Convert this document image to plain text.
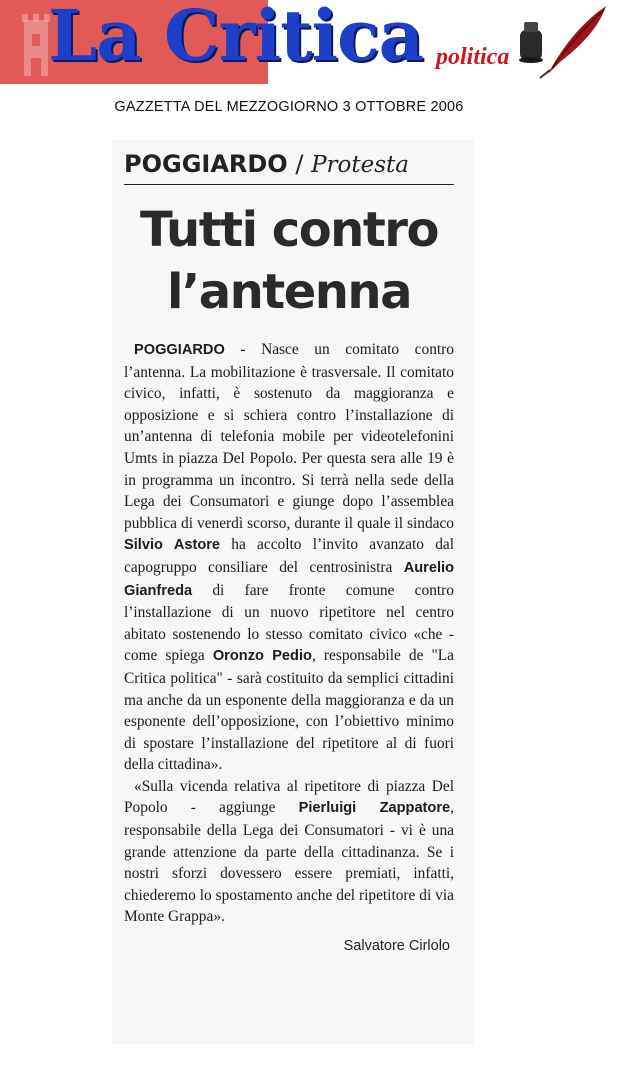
La Critica politica
GAZZETTA DEL MEZZOGIORNO 3 OTTOBRE 2006
POGGIARDO / Protesta
Tutti contro
l’antenna

POGGIARDO - Nasce un comitato contro l’antenna. La mobilitazione è trasversale. Il comitato civico, infatti, è sostenuto da maggioranza e opposizione e si schiera contro l’installazione di un’antenna di telefonia mobile per videotelefonini Umts in piazza Del Popolo. Per questa sera alle 19 è in programma un incontro. Si terrà nella sede della Lega dei Consumatori e giunge dopo l’assemblea pubblica di venerdì scorso, durante il quale il sindaco Silvio Astore ha accolto l’invito avanzato dal capogruppo consiliare del centrosinistra Aurelio Gianfreda di fare fronte comune contro l’installazione di un nuovo ripetitore nel centro abitato sostenendo lo stesso comitato civico «che - come spiega Oronzo Pedio, responsabile de "La Critica politica" - sarà costituito da semplici cittadini ma anche da un esponente della maggioranza e da un esponente dell’opposizione, con l’obiettivo minimo di spostare l’installazione del ripetitore al di fuori della cittadina».

«Sulla vicenda relativa al ripetitore di piazza Del Popolo - aggiunge Pierluigi Zappatore, responsabile della Lega dei Consumatori - vi è una grande attenzione da parte della cittadinanza. Se i nostri sforzi dovessero essere premiati, infatti, chiederemo lo spostamento anche del ripetitore di via Monte Grappa».

Salvatore Cirlolo
